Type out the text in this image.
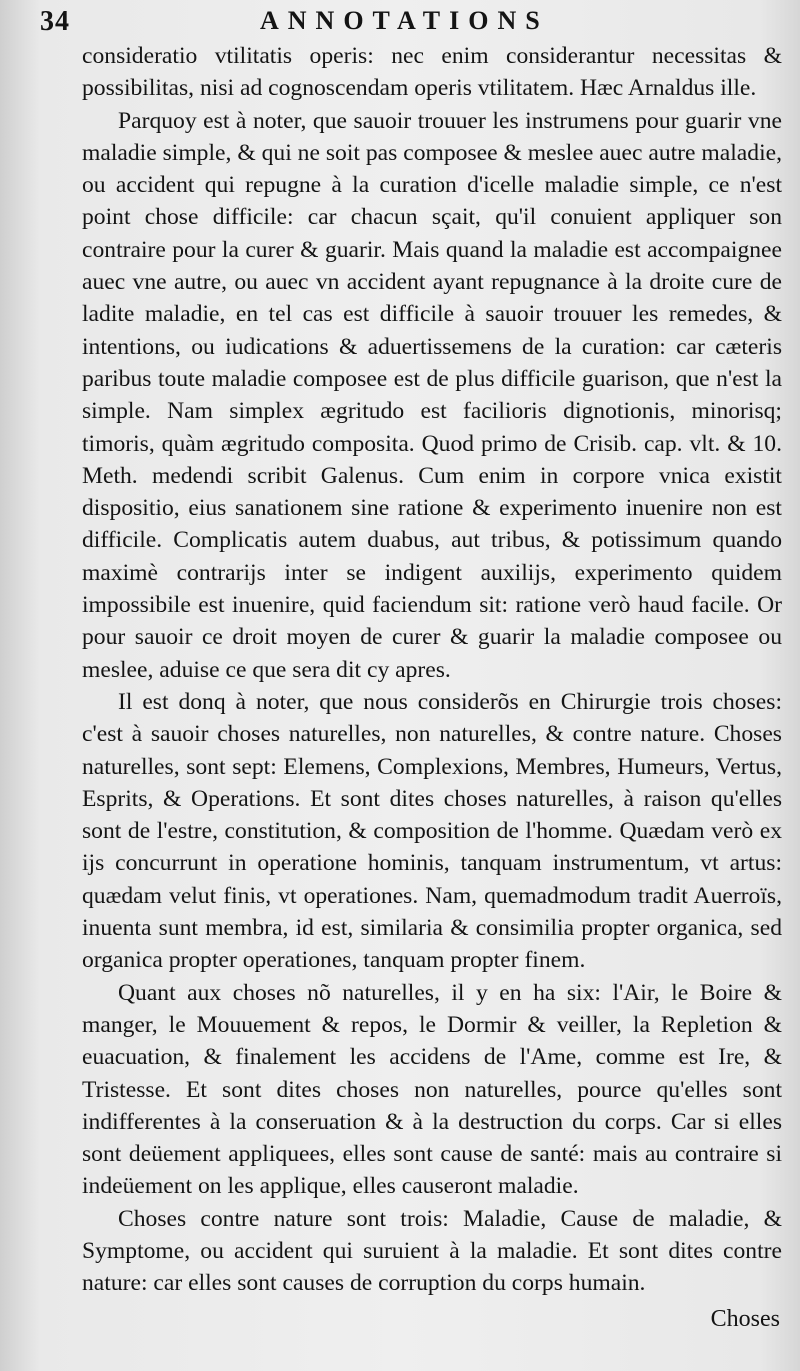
34	ANNOTATIONS

consideratio vtilitatis operis: nec enim considerantur necessitas & possibilitas, nisi ad cognoscendam operis vtilitatem. Hæc Arnaldus ille.

Parquoy est à noter, que sauoir trouuer les instrumens pour guarir vne maladie simple, & qui ne soit pas composee & meslee auec autre maladie, ou accident qui repugne à la curation d'icelle maladie simple, ce n'est point chose difficile: car chacun sçait, qu'il conuient appliquer son contraire pour la curer & guarir. Mais quand la maladie est accompaignee auec vne autre, ou auec vn accident ayant repugnance à la droite cure de ladite maladie, en tel cas est difficile à sauoir trouuer les remedes, & intentions, ou iudications & aduertissemens de la curation: car cæteris paribus toute maladie composee est de plus difficile guarison, que n'est la simple. Nam simplex ægritudo est facilioris dignotionis, minorisq; timoris, quàm ægritudo composita. Quod primo de Crisib. cap. vlt. & 10. Meth. medendi scribit Galenus. Cum enim in corpore vnica existit dispositio, eius sanationem sine ratione & experimento inuenire non est difficile. Complicatis autem duabus, aut tribus, & potissimum quando maximè contrarijs inter se indigent auxilijs, experimento quidem impossibile est inuenire, quid faciendum sit: ratione verò haud facile. Or pour sauoir ce droit moyen de curer & guarir la maladie composee ou meslee, aduise ce que sera dit cy apres.

Il est donq à noter, que nous considerõs en Chirurgie trois choses: c'est à sauoir choses naturelles, non naturelles, & contre nature. Choses naturelles, sont sept: Elemens, Complexions, Membres, Humeurs, Vertus, Esprits, & Operations. Et sont dites choses naturelles, à raison qu'elles sont de l'estre, constitution, & composition de l'homme. Quædam verò ex ijs concurrunt in operatione hominis, tanquam instrumentum, vt artus: quædam velut finis, vt operationes. Nam, quemadmodum tradit Auerroïs, inuenta sunt membra, id est, similaria & consimilia propter organica, sed organica propter operationes, tanquam propter finem.

Quant aux choses nõ naturelles, il y en ha six: l'Air, le Boire & manger, le Mouuement & repos, le Dormir & veiller, la Repletion & euacuation, & finalement les accidens de l'Ame, comme est Ire, & Tristesse. Et sont dites choses non naturelles, pource qu'elles sont indifferentes à la conseruation & à la destruction du corps. Car si elles sont deüement appliquees, elles sont cause de santé: mais au contraire si indeüement on les applique, elles causeront maladie.

Choses contre nature sont trois: Maladie, Cause de maladie, & Symptome, ou accident qui suruient à la maladie. Et sont dites contre nature: car elles sont causes de corruption du corps humain.

Choses
